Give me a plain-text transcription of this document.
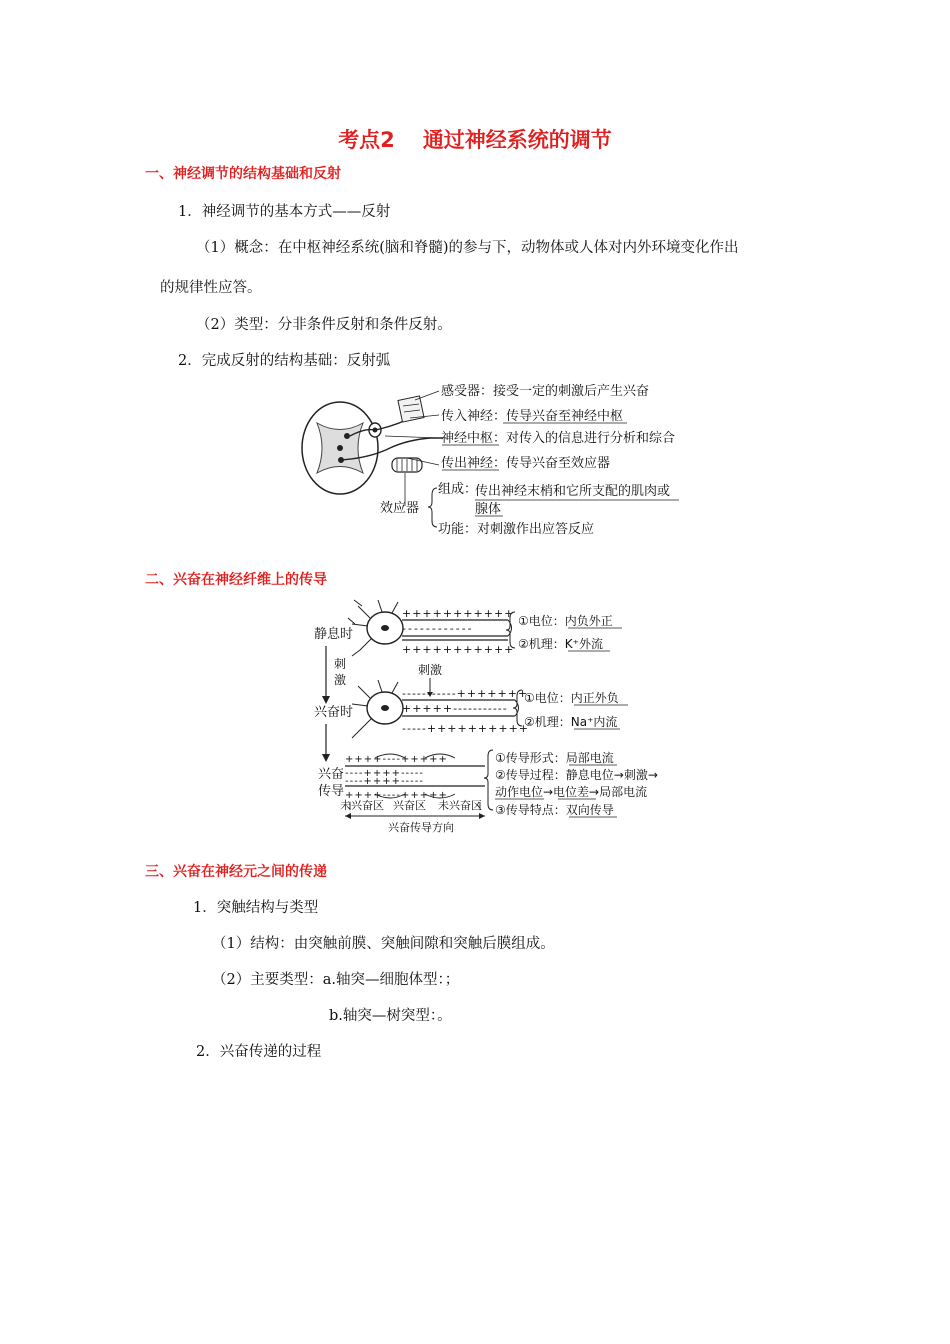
考点2 通过神经系统的调节
一、神经调节的结构基础和反射
1．神经调节的基本方式——反射
（1）概念：在中枢神经系统(脑和脊髓)的参与下，动物体或人体对内外环境变化作出
的规律性应答。
（2）类型：分非条件反射和条件反射。
2．完成反射的结构基础：反射弧
感受器：接受一定的刺激后产生兴奋
传入神经：传导兴奋至神经中枢
神经中枢：对传入的信息进行分析和综合
传出神经：传导兴奋至效应器
效应器
组成：
传出神经末梢和它所支配的肌肉或
腺体
功能：对刺激作出应答反应
二、兴奋在神经纤维上的传导
静息时
刺
激
兴奋时
兴奋
传导
+++++++++++
------------
+++++++++++
①电位：内负外正
②机理：K⁺外流
刺激
-----------+++++++
+++++-----------
-----++++++++++
①电位：内正外负
②机理：Na⁺内流
++++----+++++
----++++-----
----++++-----
++++----+++++
①传导形式：局部电流
②传导过程：静息电位→刺激→
动作电位→电位差→局部电流
③传导特点：双向传导
未兴奋区 兴奋区 未兴奋区
兴奋传导方向
三、兴奋在神经元之间的传递
1．突触结构与类型
（1）结构：由突触前膜、突触间隙和突触后膜组成。
（2）主要类型：a.轴突—细胞体型：；
b.轴突—树突型：。
2．兴奋传递的过程
